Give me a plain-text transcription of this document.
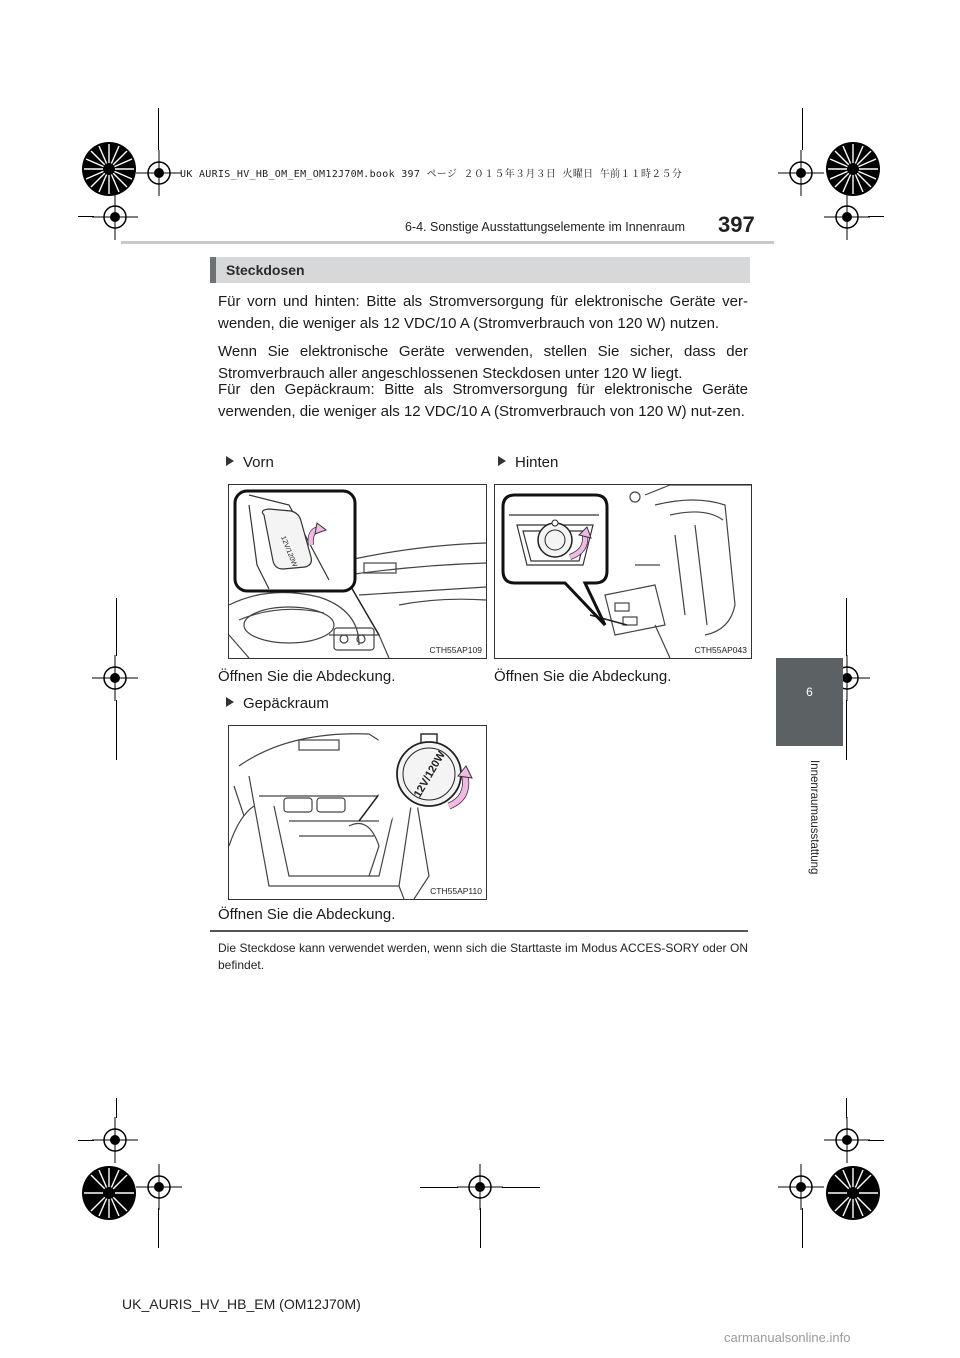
UK AURIS_HV_HB_OM_EM_OM12J70M.book 397 ページ ２０１５年３月３日 火曜日 午前１１時２５分
6-4. Sonstige Ausstattungselemente im Innenraum 397
6
Innenraumausstattung
Steckdosen
Für vorn und hinten: Bitte als Stromversorgung für elektronische Geräte ver-wenden, die weniger als 12 VDC/10 A (Stromverbrauch von 120 W) nutzen.
Wenn Sie elektronische Geräte verwenden, stellen Sie sicher, dass der Stromverbrauch aller angeschlossenen Steckdosen unter 120 W liegt.
Für den Gepäckraum: Bitte als Stromversorgung für elektronische Geräte verwenden, die weniger als 12 VDC/10 A (Stromverbrauch von 120 W) nut-zen.
Vorn	Hinten
12V/120W
CTH55AP109	CTH55AP043
Öffnen Sie die Abdeckung.	Öffnen Sie die Abdeckung.
Gepäckraum
12V/120W
CTH55AP110
Öffnen Sie die Abdeckung.
Die Steckdose kann verwendet werden, wenn sich die Starttaste im Modus ACCES-SORY oder ON befindet.
UK_AURIS_HV_HB_EM (OM12J70M)
carmanualsonline.info
